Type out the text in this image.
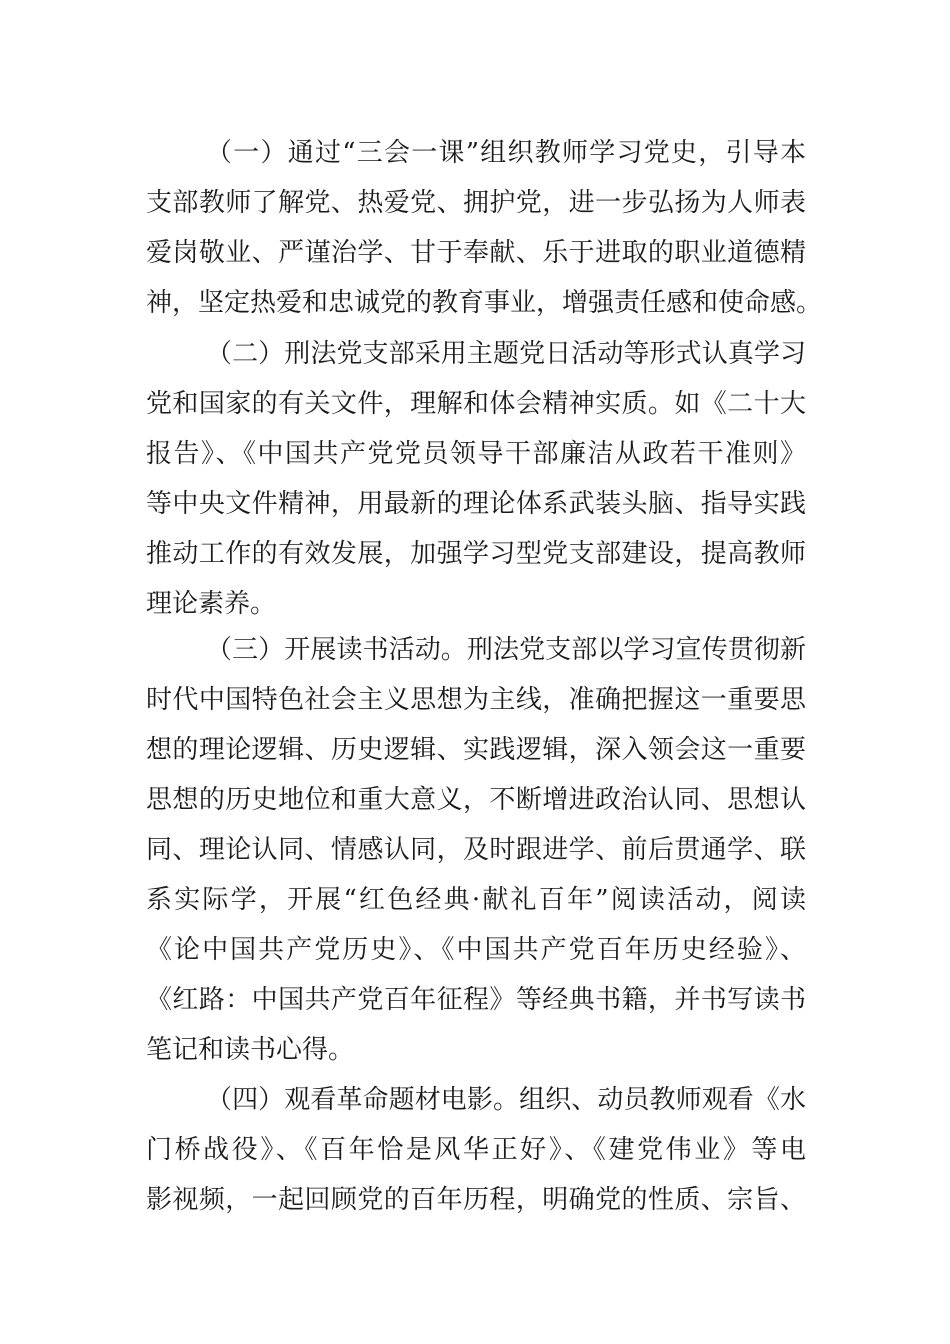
（一）通过“三会一课”组织教师学习党史，引导本
支部教师了解党、热爱党、拥护党，进一步弘扬为人师表
爱岗敬业、严谨治学、甘于奉献、乐于进取的职业道德精
神，坚定热爱和忠诚党的教育事业，增强责任感和使命感。
（二）刑法党支部采用主题党日活动等形式认真学习
党和国家的有关文件，理解和体会精神实质。如《二十大
报告》、《中国共产党党员领导干部廉洁从政若干准则》
等中央文件精神，用最新的理论体系武装头脑、指导实践
推动工作的有效发展，加强学习型党支部建设，提高教师
理论素养。
（三）开展读书活动。刑法党支部以学习宣传贯彻新
时代中国特色社会主义思想为主线，准确把握这一重要思
想的理论逻辑、历史逻辑、实践逻辑，深入领会这一重要
思想的历史地位和重大意义，不断增进政治认同、思想认
同、理论认同、情感认同，及时跟进学、前后贯通学、联
系实际学，开展“红色经典·献礼百年”阅读活动，阅读
《论中国共产党历史》、《中国共产党百年历史经验》、
《红路：中国共产党百年征程》等经典书籍，并书写读书
笔记和读书心得。
（四）观看革命题材电影。组织、动员教师观看《水
门桥战役》、《百年恰是风华正好》、《建党伟业》等电
影视频，一起回顾党的百年历程，明确党的性质、宗旨、
